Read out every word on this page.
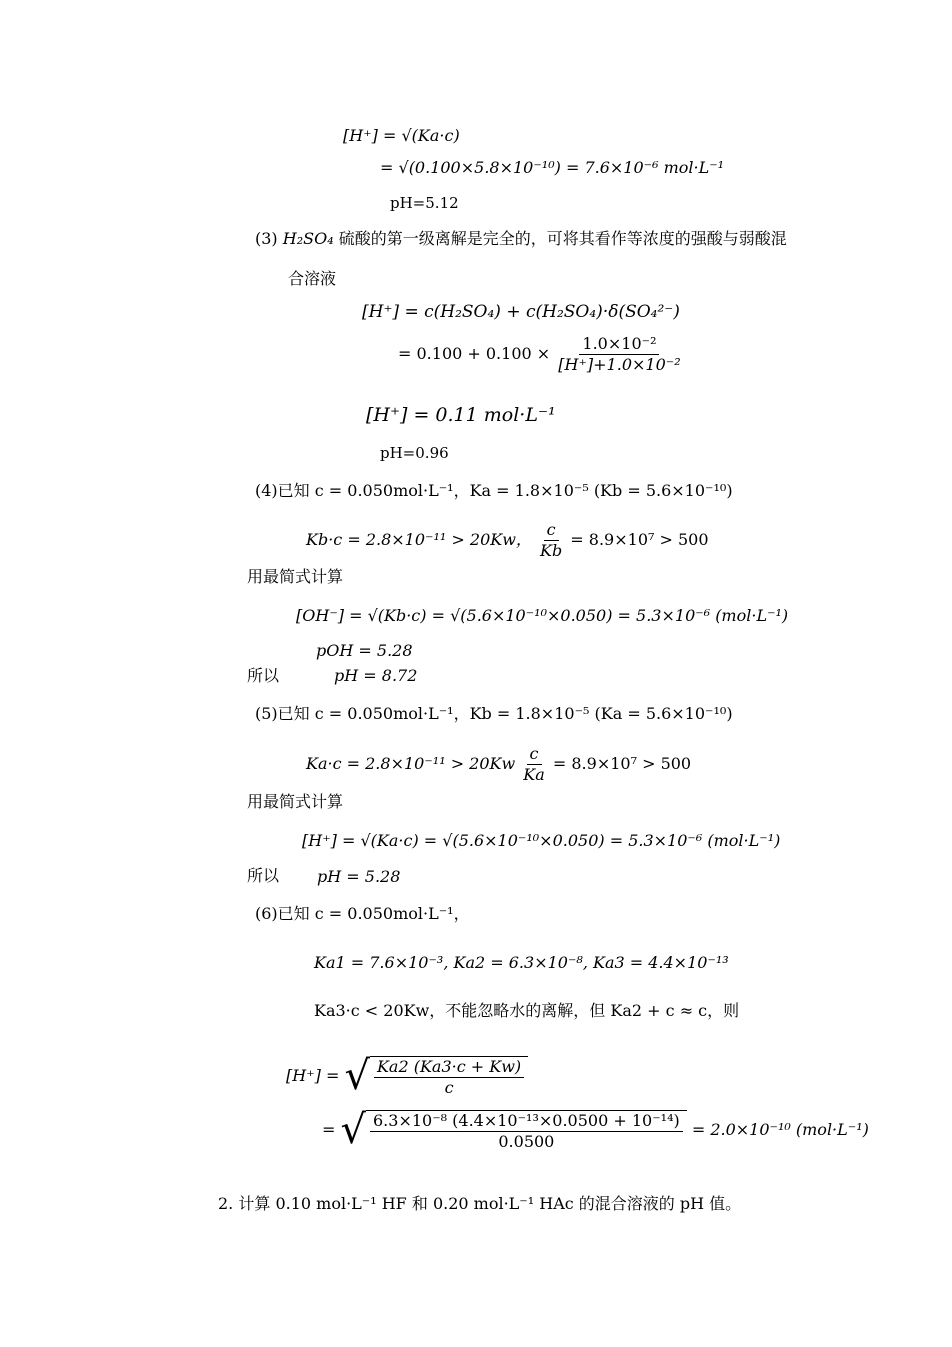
[H⁺] = √(Ka·c)
= √(0.100×5.8×10⁻¹⁰) = 7.6×10⁻⁶ mol·L⁻¹
pH=5.12
(3) H₂SO₄ 硫酸的第一级离解是完全的，可将其看作等浓度的强酸与弱酸混
合溶液
[H⁺] = c(H₂SO₄) + c(H₂SO₄)·δ(SO₄²⁻)
= $0.100 + 0.100 \times \frac{\text{1.0×10⁻²}}{\text{[H⁺]+1.0×10⁻²}}$
[H⁺] = 0.11 mol·L⁻¹
pH=0.96
(4)已知 c = 0.050mol·L⁻¹，Ka = 1.8×10⁻⁵ (Kb = 5.6×10⁻¹⁰)
Kb·c = 2.8×10⁻¹¹ > 20Kw， $\frac{c}{Kb} = 8.9\times 10^7 > 500$
用最简式计算
[OH⁻] = √(Kb·c) = √(5.6×10⁻¹⁰×0.050) = 5.3×10⁻⁶ (mol·L⁻¹)
pOH = 5.28
所以	pH = 8.72
(5)已知 c = 0.050mol·L⁻¹，Kb = 1.8×10⁻⁵ (Ka = 5.6×10⁻¹⁰)
$Ka\cdot c = 2.8\times 10^{-11} > 20Kw \frac{c}{Ka} = 8.9\times 10^7 > 500$
用最简式计算
[H⁺] = √(Ka·c) = √(5.6×10⁻¹⁰×0.050) = 5.3×10⁻⁶ (mol·L⁻¹)
所以 pH = 5.28
(6)已知 c = 0.050mol·L⁻¹，
Ka1 = 7.6×10⁻³, Ka2 = 6.3×10⁻⁸, Ka3 = 4.4×10⁻¹³
Ka3·c < 20Kw，不能忽略水的离解，但 Ka2 + c ≈ c，则
[H⁺] = √ $\frac{Ka2 (Ka3\cdot c + Kw)}{c}$
= √ $\frac{\text{6.3×10⁻⁸ (4.4×10⁻¹³×0.0500 + 10⁻¹⁴)}}{0.0500} = 2.0\times 10^{-10}$ (mol·L⁻¹)
2. 计算 0.10 mol·L⁻¹ HF 和 0.20 mol·L⁻¹ HAc 的混合溶液的 pH 值。
